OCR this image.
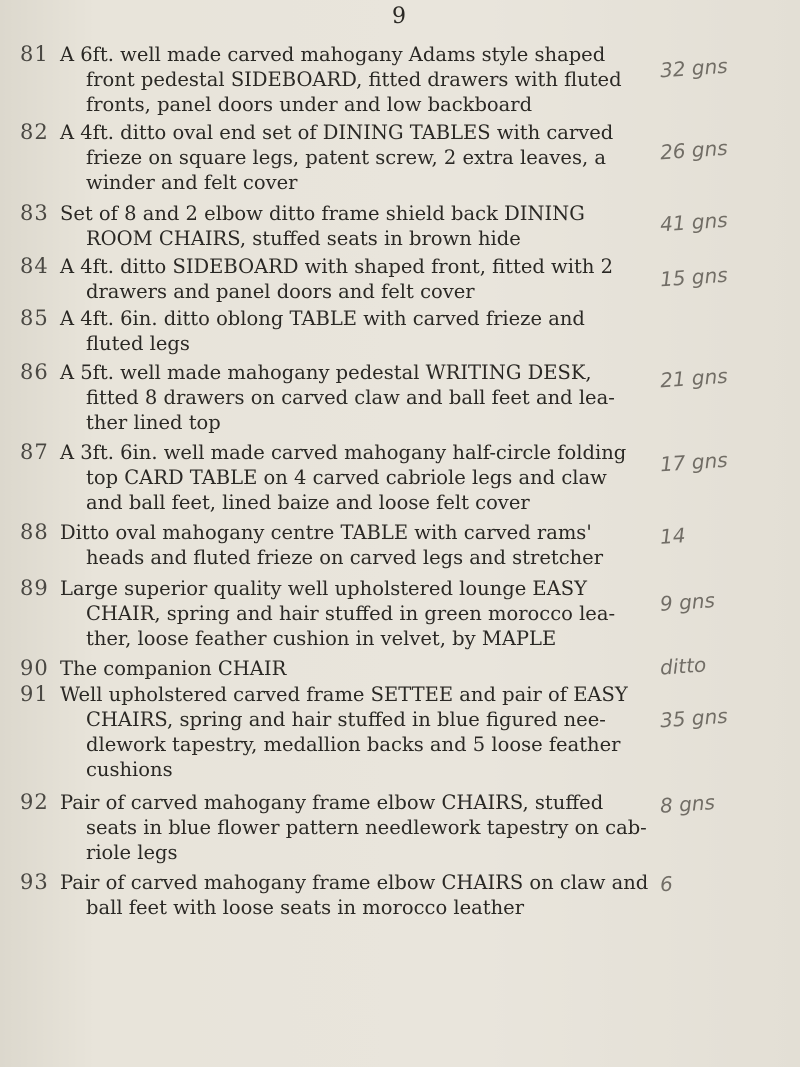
9
81 A 6ft. well made carved mahogany Adams style shaped
front pedestal SIDEBOARD, fitted drawers with fluted
fronts, panel doors under and low backboard
32 gns
82 A 4ft. ditto oval end set of DINING TABLES with carved
frieze on square legs, patent screw, 2 extra leaves, a
winder and felt cover
26 gns
83 Set of 8 and 2 elbow ditto frame shield back DINING
ROOM CHAIRS, stuffed seats in brown hide
41 gns
84 A 4ft. ditto SIDEBOARD with shaped front, fitted with 2
drawers and panel doors and felt cover
15 gns
85 A 4ft. 6in. ditto oblong TABLE with carved frieze and
fluted legs
86 A 5ft. well made mahogany pedestal WRITING DESK,
fitted 8 drawers on carved claw and ball feet and lea-
ther lined top
21 gns
87 A 3ft. 6in. well made carved mahogany half-circle folding
top CARD TABLE on 4 carved cabriole legs and claw
and ball feet, lined baize and loose felt cover
17 gns
88 Ditto oval mahogany centre TABLE with carved rams'
heads and fluted frieze on carved legs and stretcher
14
89 Large superior quality well upholstered lounge EASY
CHAIR, spring and hair stuffed in green morocco lea-
ther, loose feather cushion in velvet, by MAPLE
9 gns
90 The companion CHAIR	ditto
91 Well upholstered carved frame SETTEE and pair of EASY
CHAIRS, spring and hair stuffed in blue figured nee-
dlework tapestry, medallion backs and 5 loose feather
cushions
35 gns
92 Pair of carved mahogany frame elbow CHAIRS, stuffed
seats in blue flower pattern needlework tapestry on cab-
riole legs
8 gns
93 Pair of carved mahogany frame elbow CHAIRS on claw and
ball feet with loose seats in morocco leather
6
